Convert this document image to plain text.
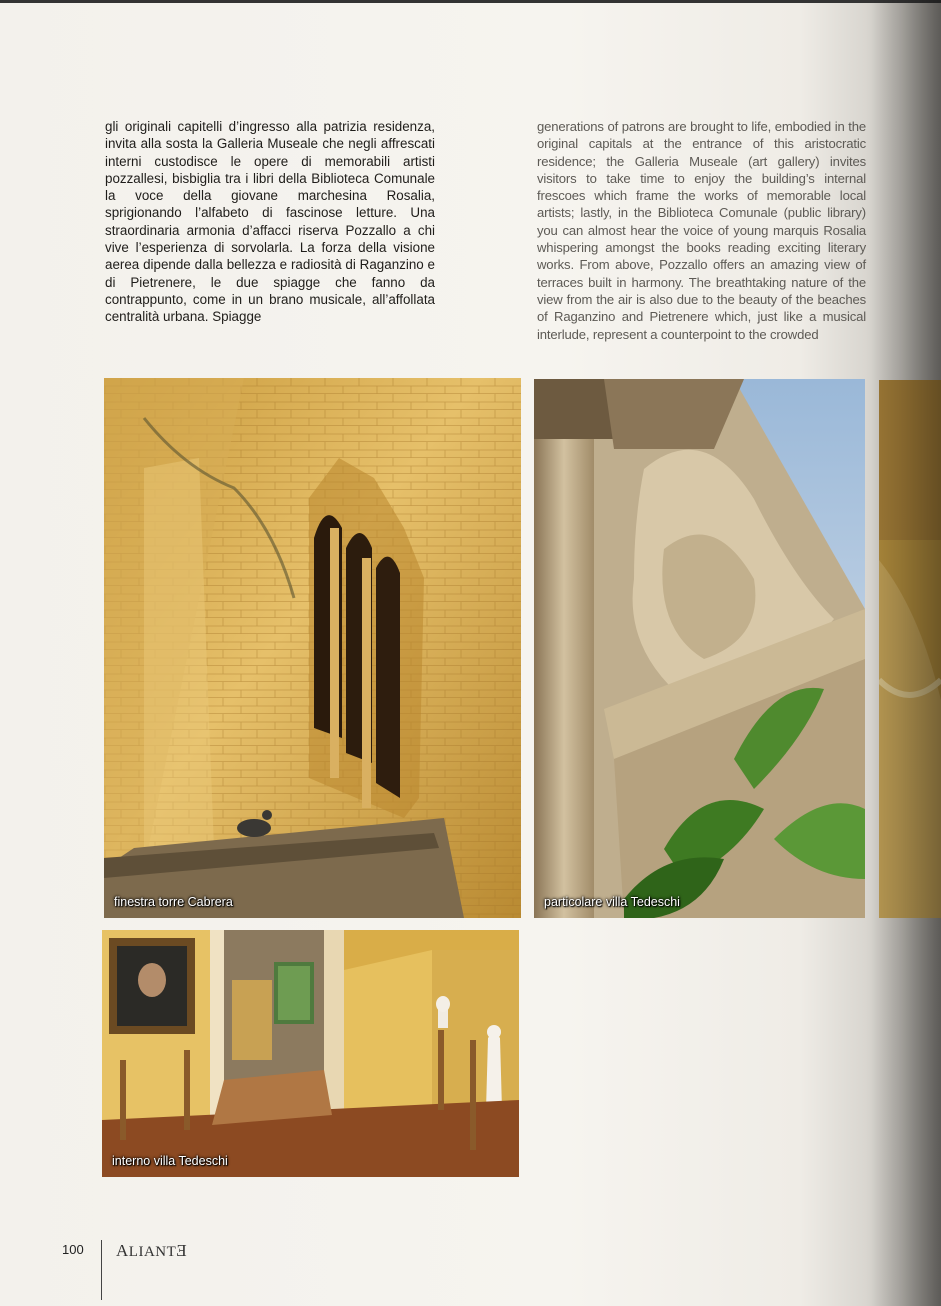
gli originali capitelli d’ingresso alla patrizia residenza, invita alla sosta la Galleria Museale che negli affrescati interni custodisce le opere di memorabili artisti pozzallesi, bisbiglia tra i libri della Biblioteca Comunale la voce della giovane marchesina Rosalia, sprigionando l’alfabeto di fascinose letture. Una straordinaria armonia d’affacci riserva Pozzallo a chi vive l’esperienza di sorvolarla. La forza della visione aerea dipende dalla bellezza e radiosità di Raganzino e di Pietrenere, le due spiagge che fanno da contrappunto, come in un brano musicale, all’affollata centralità urbana. Spiagge
generations of patrons are brought to life, embodied in the original capitals at the entrance of this aristocratic residence; the Galleria Museale (art gallery) invites visitors to take time to enjoy the building’s internal frescoes which frame the works of memorable local artists; lastly, in the Biblioteca Comunale (public library) you can almost hear the voice of young marquis Rosalia whispering amongst the books reading exciting literary works. From above, Pozzallo offers an amazing view of terraces built in harmony. The breathtaking nature of the view from the air is also due to the beauty of the beaches of Raganzino and Pietrenere which, just like a musical interlude, represent a counterpoint to the crowded
finestra torre Cabrera	particolare villa Tedeschi
interno villa Tedeschi
100 ALIANTƎ
